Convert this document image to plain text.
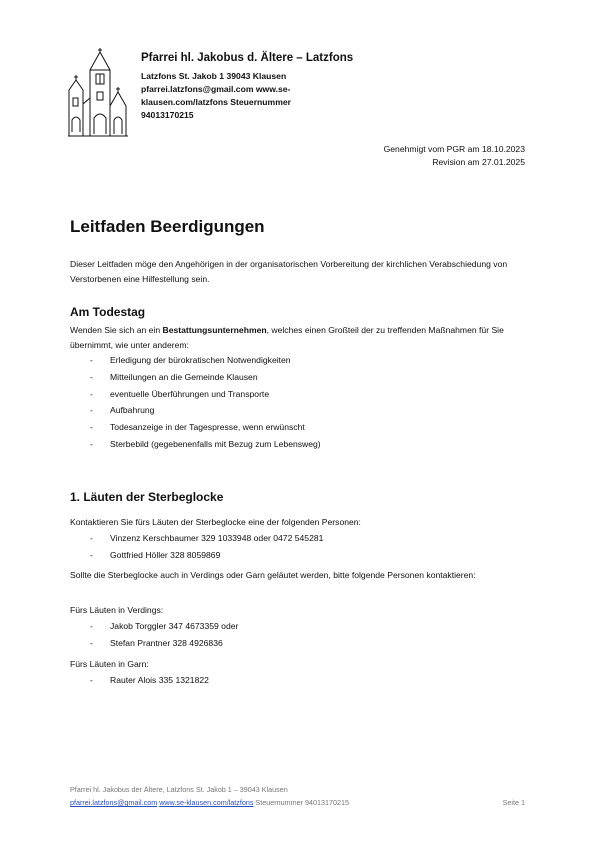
Pfarrei hl. Jakobus d. Ältere – Latzfons
Latzfons St. Jakob 1 39043 Klausen
pfarrei.latzfons@gmail.com www.se-
klausen.com/latzfons Steuernummer
94013170215
Genehmigt vom PGR am 18.10.2023
Revision am 27.01.2025
Leitfaden Beerdigungen
Dieser Leitfaden möge den Angehörigen in der organisatorischen Vorbereitung der kirchlichen Verabschiedung von Verstorbenen eine Hilfestellung sein.
Am Todestag
Wenden Sie sich an ein Bestattungsunternehmen, welches einen Großteil der zu treffenden Maßnahmen für Sie übernimmt, wie unter anderem:
- Erledigung der bürokratischen Notwendigkeiten
- Mitteilungen an die Gemeinde Klausen
- eventuelle Überführungen und Transporte
- Aufbahrung
- Todesanzeige in der Tagespresse, wenn erwünscht
- Sterbebild (gegebenenfalls mit Bezug zum Lebensweg)
1. Läuten der Sterbeglocke
Kontaktieren Sie fürs Läuten der Sterbeglocke eine der folgenden Personen:
- Vinzenz Kerschbaumer 329 1033948 oder 0472 545281
- Gottfried Höller 328 8059869
Sollte die Sterbeglocke auch in Verdings oder Garn geläutet werden, bitte folgende Personen kontaktieren:
Fürs Läuten in Verdings:
- Jakob Torggler 347 4673359 oder
- Stefan Prantner 328 4926836
Fürs Läuten in Garn:
- Rauter Alois 335 1321822
Pfarrei hl. Jakobus der Ältere, Latzfons St. Jakob 1 – 39043 Klausen
pfarrei.latzfons@gmail.com www.se-klausen.com/latzfons Steuernummer 94013170215	Seite 1
